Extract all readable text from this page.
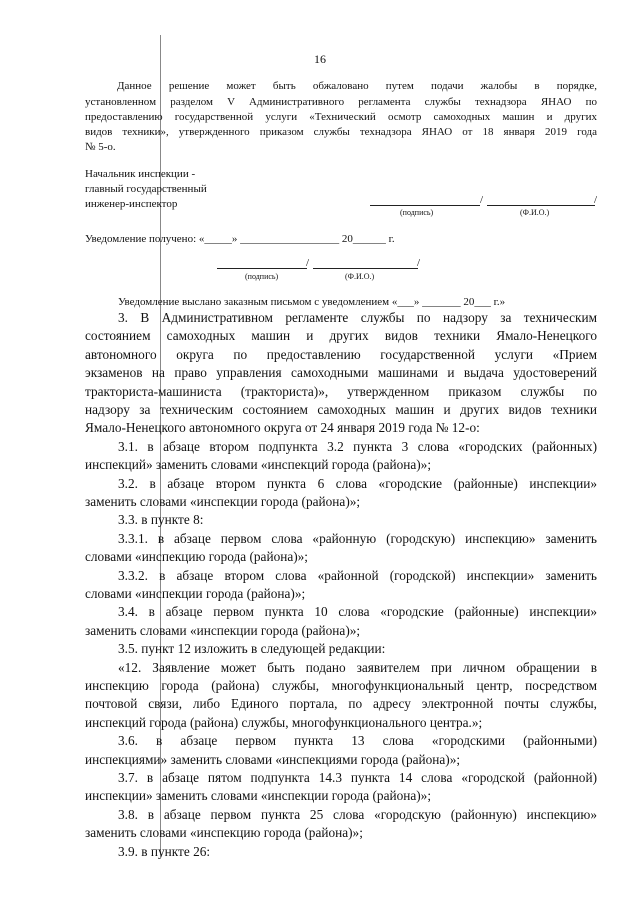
16
Данное решение может быть обжаловано путем подачи жалобы в порядке,
установленном разделом V Административного регламента службы технадзора ЯНАО по
предоставлению государственной услуги «Технический осмотр самоходных машин и других
видов техники», утвержденного приказом службы технадзора ЯНАО от 18 января 2019 года
№ 5-о.
Начальник инспекции -
главный государственный
инженер-инспектор	/	/
(подпись)	(Ф.И.О.)
Уведомление получено: «_____» __________________ 20______ г.
/	/
(подпись)	(Ф.И.О.)
Уведомление выслано заказным письмом с уведомлением «___» _______ 20___ г.»
3. В Административном регламенте службы по надзору за техническим
состоянием самоходных машин и других видов техники Ямало-Ненецкого
автономного округа по предоставлению государственной услуги «Прием
экзаменов на право управления самоходными машинами и выдача удостоверений
тракториста-машиниста (тракториста)», утвержденном приказом службы по
надзору за техническим состоянием самоходных машин и других видов техники
Ямало-Ненецкого автономного округа от 24 января 2019 года № 12-о:
3.1. в абзаце втором подпункта 3.2 пункта 3 слова «городских (районных)
инспекций» заменить словами «инспекций города (района)»;
3.2. в абзаце втором пункта 6 слова «городские (районные) инспекции»
заменить словами «инспекции города (района)»;
3.3. в пункте 8:
3.3.1. в абзаце первом слова «районную (городскую) инспекцию» заменить
словами «инспекцию города (района)»;
3.3.2. в абзаце втором слова «районной (городской) инспекции» заменить
словами «инспекции города (района)»;
3.4. в абзаце первом пункта 10 слова «городские (районные) инспекции»
заменить словами «инспекции города (района)»;
3.5. пункт 12 изложить в следующей редакции:
«12. Заявление может быть подано заявителем при личном обращении в
инспекцию города (района) службы, многофункциональный центр, посредством
почтовой связи, либо Единого портала, по адресу электронной почты службы,
инспекций города (района) службы, многофункционального центра.»;
3.6. в абзаце первом пункта 13 слова «городскими (районными)
инспекциями» заменить словами «инспекциями города (района)»;
3.7. в абзаце пятом подпункта 14.3 пункта 14 слова «городской (районной)
инспекции» заменить словами «инспекции города (района)»;
3.8. в абзаце первом пункта 25 слова «городскую (районную) инспекцию»
заменить словами «инспекцию города (района)»;
3.9. в пункте 26:
